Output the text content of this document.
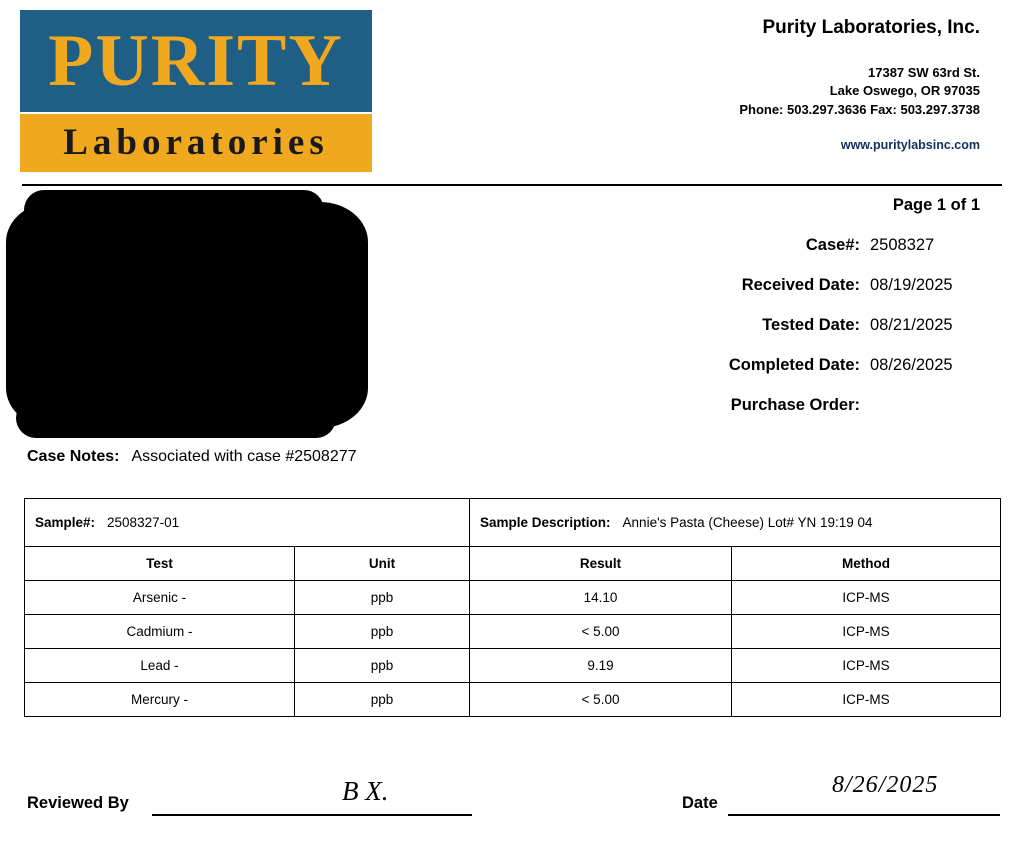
PURITY
Laboratories
Purity Laboratories, Inc.
17387 SW 63rd St.
Lake Oswego, OR 97035
Phone: 503.297.3636 Fax: 503.297.3738
www.puritylabsinc.com
Page 1 of 1
Case#: 2508327
Received Date: 08/19/2025
Tested Date: 08/21/2025
Completed Date: 08/26/2025
Purchase Order:
Case Notes: Associated with case #2508277
Sample#: 2508327-01		Sample Description: Annie's Pasta (Cheese) Lot# YN 19:19 04	
Test	Unit	Result	Method
Arsenic -	ppb	14.10	ICP-MS
Cadmium -	ppb	< 5.00	ICP-MS
Lead -	ppb	9.19	ICP-MS
Mercury -	ppb	< 5.00	ICP-MS
Reviewed By	B X.	Date
8/26/2025
